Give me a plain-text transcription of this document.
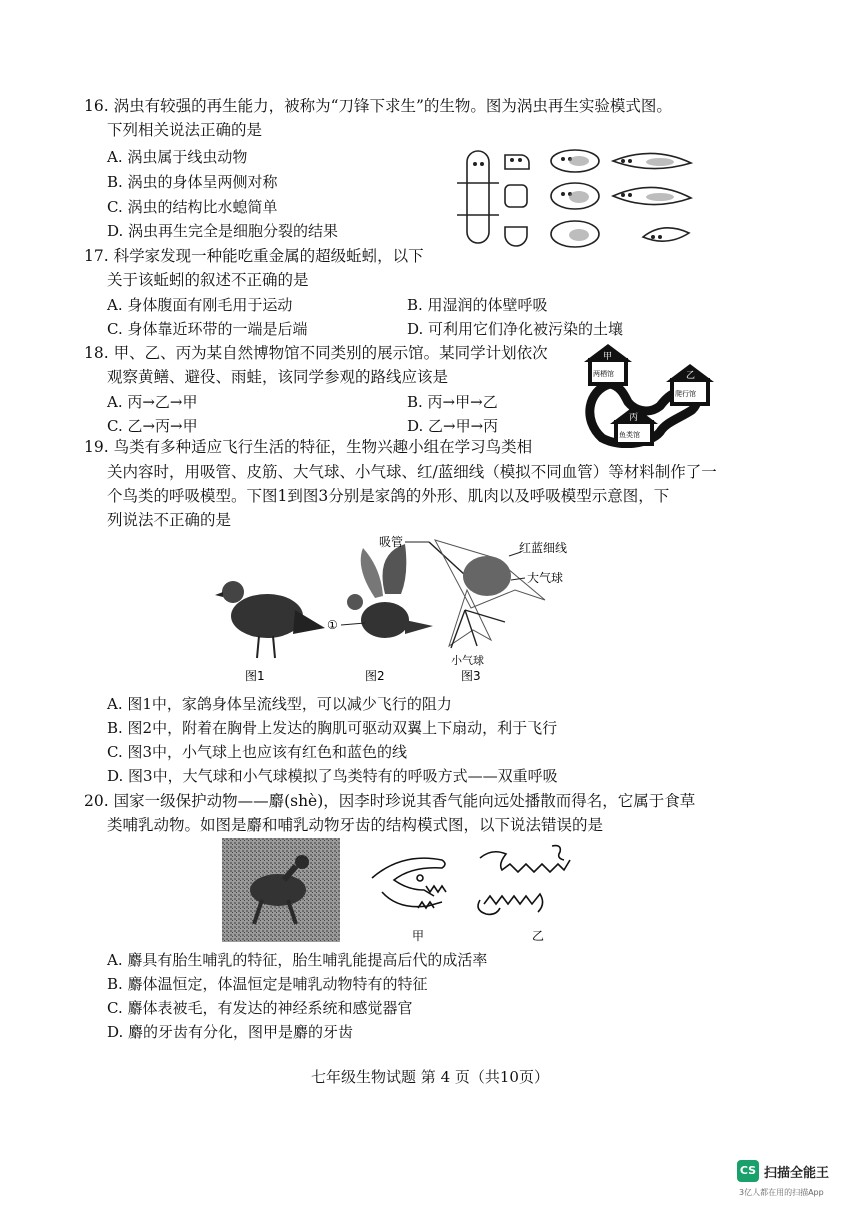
16. 涡虫有较强的再生能力，被称为“刀锋下求生”的生物。图为涡虫再生实验模式图。
下列相关说法正确的是
A. 涡虫属于线虫动物
B. 涡虫的身体呈两侧对称
C. 涡虫的结构比水螅简单
D. 涡虫再生完全是细胞分裂的结果
17. 科学家发现一种能吃重金属的超级蚯蚓，以下
关于该蚯蚓的叙述不正确的是
A. 身体腹面有刚毛用于运动	B. 用湿润的体壁呼吸
C. 身体靠近环带的一端是后端	D. 可利用它们净化被污染的土壤
18. 甲、乙、丙为某自然博物馆不同类别的展示馆。某同学计划依次
观察黄鳝、避役、雨蛙，该同学参观的路线应该是
A. 丙→乙→甲	B. 丙→甲→乙
C. 乙→丙→甲	D. 乙→甲→丙
甲
两栖馆	乙
爬行馆
丙
鱼类馆
19. 鸟类有多种适应飞行生活的特征，生物兴趣小组在学习鸟类相
关内容时，用吸管、皮筋、大气球、小气球、红/蓝细线（模拟不同血管）等材料制作了一
个鸟类的呼吸模型。下图1到图3分别是家鸽的外形、肌肉以及呼吸模型示意图，下
列说法不正确的是
①
吸管	红蓝细线
大气球
小气球
图1	图2	图3
A. 图1中，家鸽身体呈流线型，可以减少飞行的阻力
B. 图2中，附着在胸骨上发达的胸肌可驱动双翼上下扇动，利于飞行
C. 图3中，小气球上也应该有红色和蓝色的线
D. 图3中，大气球和小气球模拟了鸟类特有的呼吸方式——双重呼吸
20. 国家一级保护动物——麝(shè)，因李时珍说其香气能向远处播散而得名，它属于食草
类哺乳动物。如图是麝和哺乳动物牙齿的结构模式图，以下说法错误的是
甲	乙
A. 麝具有胎生哺乳的特征，胎生哺乳能提高后代的成活率
B. 麝体温恒定，体温恒定是哺乳动物特有的特征
C. 麝体表被毛，有发达的神经系统和感觉器官
D. 麝的牙齿有分化，图甲是麝的牙齿
七年级生物试题 第 4 页（共10页）
CS 扫描全能王
3亿人都在用的扫描App
